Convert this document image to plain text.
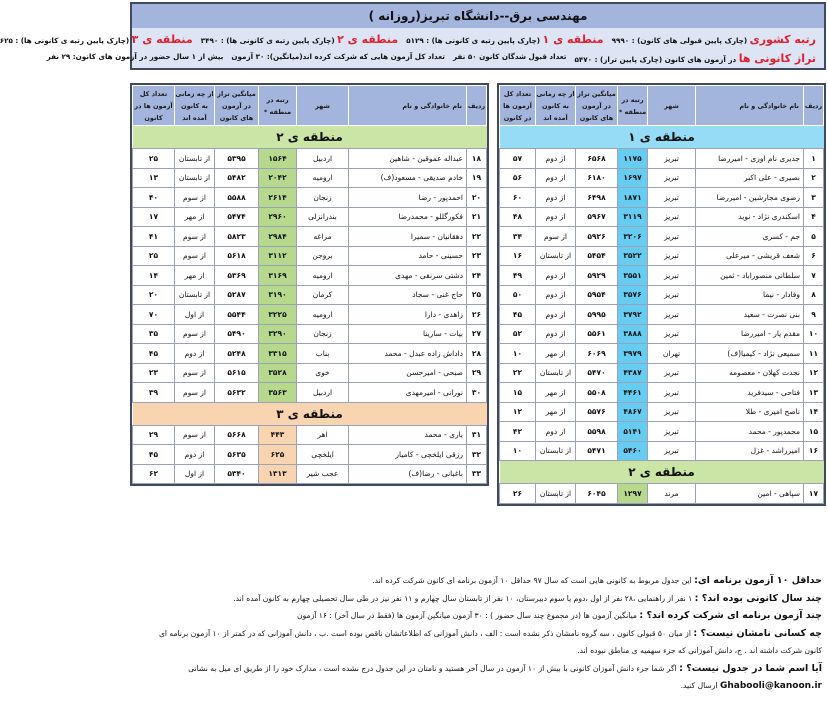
مهندسی برق--دانشگاه تبریز(روزانه )
رتبه کشوری (چارک پایین قبولی های کانون) : ۹۹۹۰
منطقه ی ۱ (چارک پایین رتبه ی کانونی ها) : ۵۱۲۹
منطقه ی ۲ (چارک پایین رتبه ی کانونی ها) : ۳۴۹۰
منطقه ی ۳ (چارک پایین رتبه ی کانونی ها) : ۶۲۵
تراز کانونی ها در آزمون های کانون (چارک پایین تراز) : ۵۴۷۰
تعداد قبول شدگان کانون ۵۰ نفر
تعداد کل آزمون هایی که شرکت کرده اند(میانگین): ۳۰ آزمون
بیش از ۱ سال حضور در آزمون های کانون: ۲۹ نفر
ردیف	نام خانوادگی و نام	شهر	رتبه در منطقه *	میانگین تراز در آزمون های کانون	از چه زمانی به کانون آمده اند	تعداد کل آزمون ها در کانون
منطقه ی ۱						
۱	جدیری نام اوری - امیررضا	تبریز	۱۱۷۵	۶۵۶۸	از دوم	۵۷
۲	بصیری - علی اکبر	تبریز	۱۶۹۷	۶۱۸۰	از دوم	۵۶
۳	رضوی مجارشین - امیررضا	تبریز	۱۸۷۱	۶۴۹۸	از دوم	۶۰
۴	اسکندری نژاد - نوید	تبریز	۳۱۱۹	۵۹۶۷	از دوم	۴۸
۵	جم - کسری	تبریز	۳۲۰۶	۵۹۲۶	از سوم	۳۴
۶	شعف قریشی - میرعلی	تبریز	۳۵۲۲	۵۴۵۴	از تابستان	۱۶
۷	سلطانی منصوراباد - ثمین	تبریز	۳۵۵۱	۵۹۲۹	از دوم	۴۹
۸	وفادار - نیما	تبریز	۳۵۷۶	۵۹۵۴	از دوم	۵۰
۹	بنی نصرت - سعید	تبریز	۳۷۹۲	۵۹۹۵	از دوم	۴۵
۱۰	مقدم یار - امیررضا	تبریز	۳۸۸۸	۵۵۶۱	از دوم	۵۲
۱۱	سمیعی نژاد - کیمیا(ف)	تهران	۳۹۷۹	۶۰۶۹	از مهر	۱۰
۱۲	نجدت کهلان - معصومه	تبریز	۴۳۸۷	۵۴۷۰	از تابستان	۲۲
۱۳	فتاحی - سیدفرید	تبریز	۴۴۶۱	۵۵۰۸	از مهر	۱۵
۱۴	ناصح امیری - طلا	تبریز	۴۸۶۷	۵۵۷۶	از مهر	۱۲
۱۵	محمدپور - محمد	تبریز	۵۱۴۱	۵۵۹۸	از دوم	۴۲
۱۶	امیرراشد - غزل	تبریز	۵۴۶۰	۵۴۷۱	از تابستان	۱۰
منطقه ی ۲						
۱۷	سپاهی - امین	مرند	۱۲۹۷	۶۰۴۵	از تابستان	۲۶
ردیف	نام خانوادگی و نام	شهر	رتبه در منطقه *	میانگین تراز در آزمون های کانون	از چه زمانی به کانون آمده اند	تعداد کل آزمون ها در کانون
منطقه ی ۲						
۱۸	عبداله عموقین - شاهین	اردبیل	۱۵۶۴	۵۳۹۵	از تابستان	۲۵
۱۹	خادم صدیقی - مسعود(ف)	ارومیه	۲۰۴۲	۵۴۸۲	از تابستان	۱۳
۲۰	احمدپور - رضا	زنجان	۲۶۱۴	۵۵۸۸	از سوم	۴۰
۲۱	فکورگللو - محمدرضا	بندرانزلی	۲۹۶۰	۵۴۷۴	از مهر	۱۷
۲۲	دهقانیان - سمیرا	مراغه	۲۹۸۴	۵۸۲۳	از سوم	۴۱
۲۳	حسینی - حامد	بروجن	۳۱۱۲	۵۶۱۸	از سوم	۲۵
۲۴	دشتی سرنقی - مهدی	ارومیه	۳۱۶۹	۵۳۶۹	از مهر	۱۴
۲۵	حاج غنی - سجاد	کرمان	۳۱۹۰	۵۲۸۷	از تابستان	۲۰
۲۶	زاهدی - دارا	ارومیه	۳۲۲۵	۵۵۴۴	از اول	۷۰
۲۷	بیات - سارینا	زنجان	۳۲۹۰	۵۴۹۰	از سوم	۳۵
۲۸	داداش زاده عبدل - محمد	بناب	۳۳۱۵	۵۲۴۸	از دوم	۴۵
۲۹	صبحی - امیرحسن	خوی	۳۵۲۸	۵۶۱۵	از سوم	۲۳
۳۰	نورانی - امیرمهدی	اردبیل	۳۵۶۳	۵۶۳۲	از سوم	۳۹
منطقه ی ۳						
۳۱	یاری - محمد	اهر	۴۴۳	۵۶۶۸	از سوم	۲۹
۳۲	رزقی ایلخچی - کامیار	ایلخچی	۶۲۵	۵۶۳۵	از دوم	۴۵
۳۳	باغبانی - رضا(ف)	عجب شیر	۱۳۱۳	۵۳۴۰	از اول	۶۲
حداقل ۱۰ آزمون برنامه ای: این جدول مربوط به کانونی هایی است که سال ۹۷ حداقل ۱۰ آزمون برنامه ای کانون شرکت کرده اند.
چند سال کانونی بوده اند؟ : ۱ نفر از راهنمایی ،۲۸ نفر از اول ،دوم یا سوم دبیرستان، ۱۰ نفر از تابستان سال چهارم و ۱۱ نفر نیز در طی سال تحصیلی چهارم به کانون آمده اند.
چند آزمون برنامه ای شرکت کرده اند؟ : میانگین آزمون ها (در مجموع چند سال حضور ) : ۳۰ آزمون میانگین آزمون ها (فقط در سال آخر) : ۱۶ آزمون
چه کسانی نامشان نیست؟ : از میان ۵۰ قبولی کانون ، سه گروه نامشان ذکر نشده است : الف ، دانش آموزانی که اطلاعاتشان ناقص بوده است .ب ، دانش آموزانی که در کمتر از ۱۰ آزمون برنامه ای
کانون شرکت داشته اند . ج، دانش آموزانی که جزء سهمیه ی مناطق نبوده اند.
آیا اسم شما در جدول نیست؟ : اگر شما جزء دانش آموزان کانونی با بیش از ۱۰ آزمون در سال آخر هستید و نامتان در این جدول درج نشده است ، مدارک خود را از طریق ای میل به نشانی
Ghabooli@kanoon.ir ارسال کنید.
